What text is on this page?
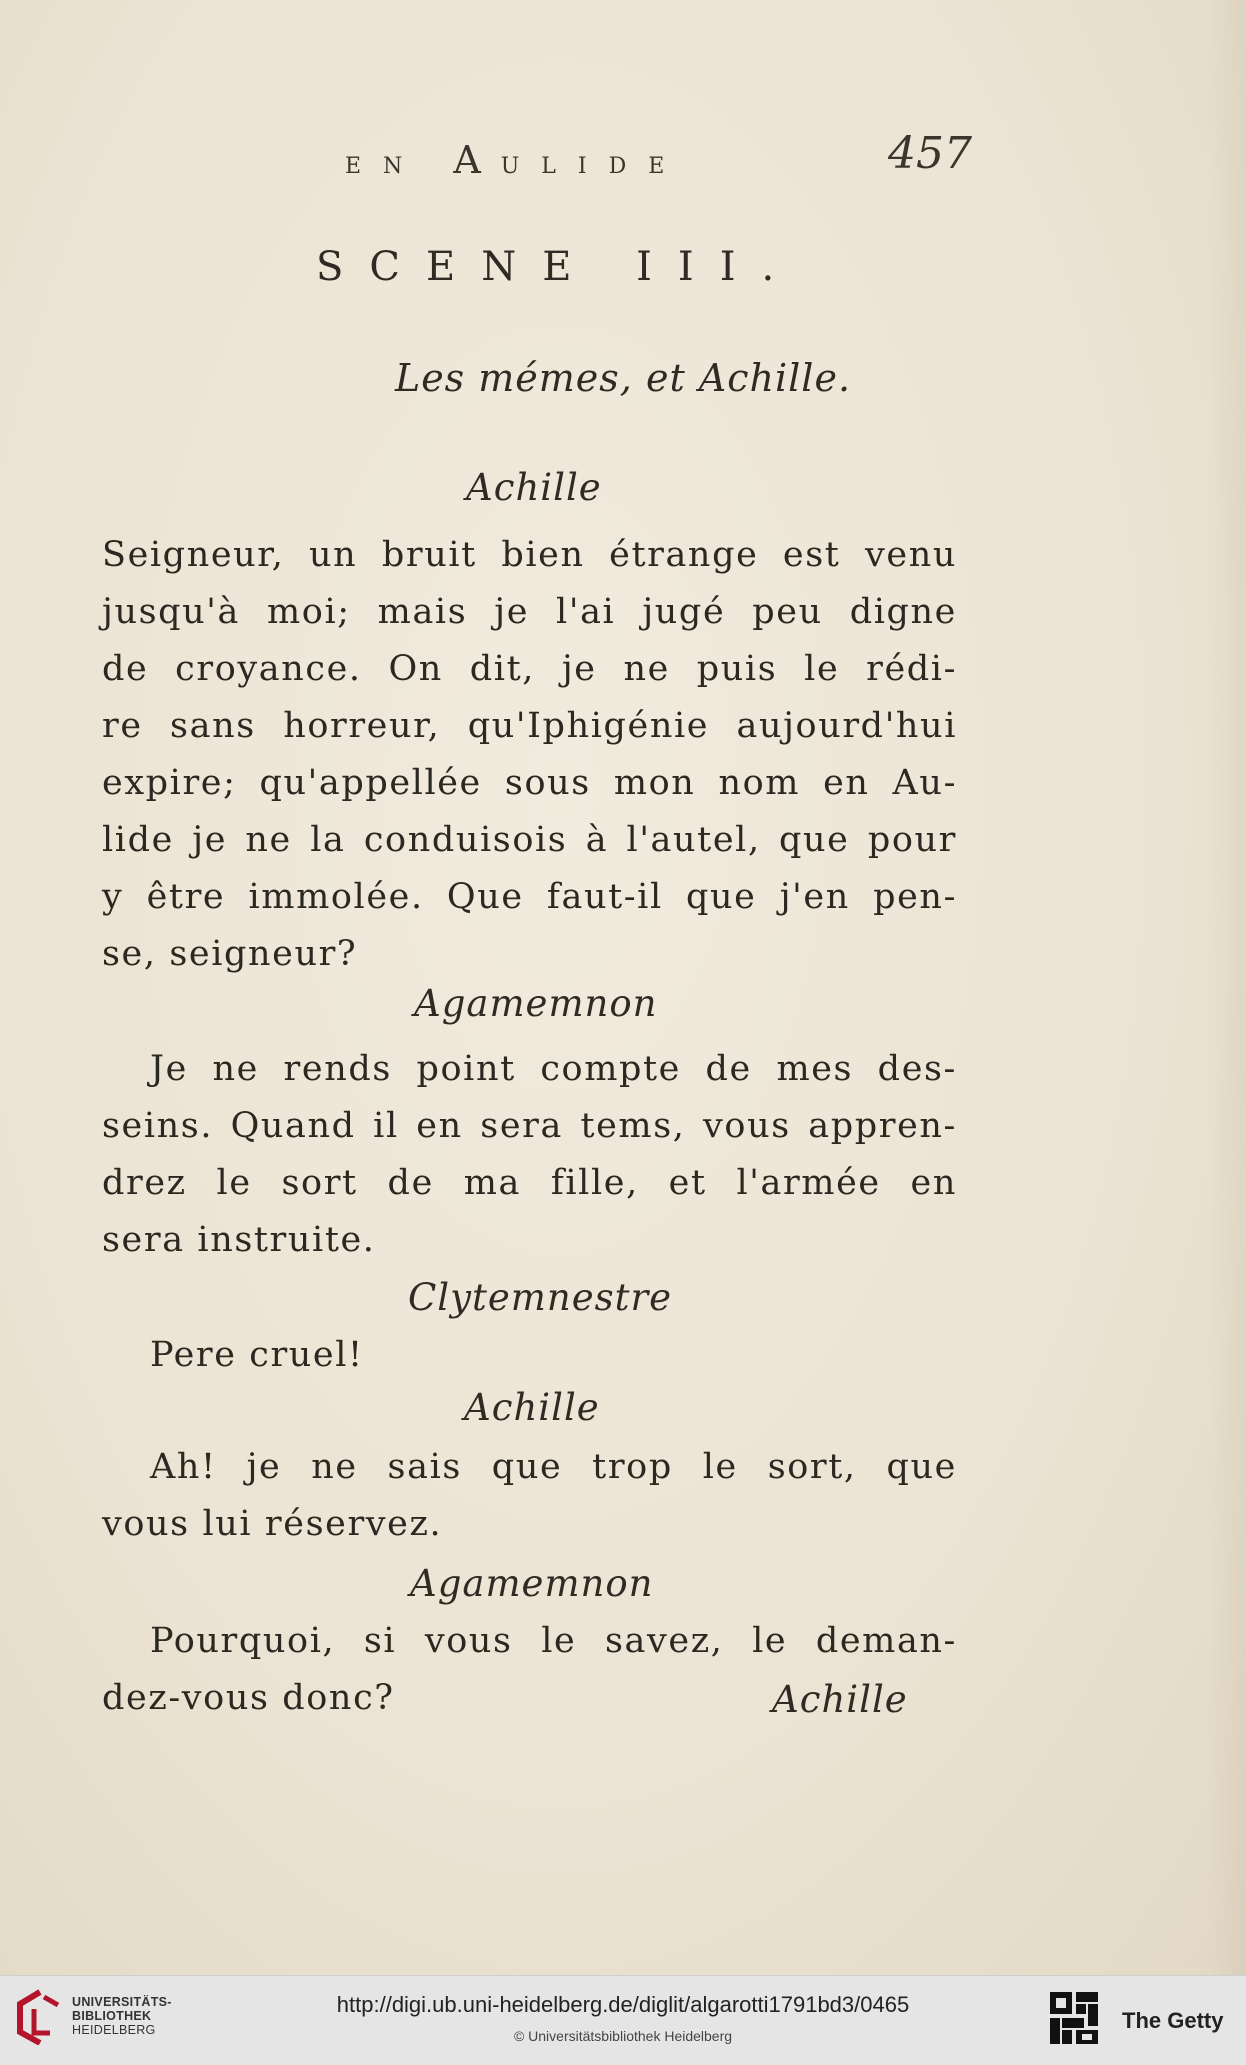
EN AULIDE	457
SCENE III.
Les mémes, et Achille.
Achille
Seigneur, un bruit bien étrange est venu
jusqu'à moi; mais je l'ai jugé peu digne
de croyance. On dit, je ne puis le rédi-
re sans horreur, qu'Iphigénie aujourd'hui
expire; qu'appellée sous mon nom en Au-
lide je ne la conduisois à l'autel, que pour
y être immolée. Que faut-il que j'en pen-
se, seigneur?
Agamemnon
Je ne rends point compte de mes des-
seins. Quand il en sera tems, vous appren-
drez le sort de ma fille, et l'armée en
sera instruite.
Clytemnestre
Pere cruel!
Achille
Ah! je ne sais que trop le sort, que
vous lui réservez.
Agamemnon
Pourquoi, si vous le savez, le deman-
dez-vous donc?	Achille
UNIVERSITÄTS-
BIBLIOTHEK
HEIDELBERG
http://digi.ub.uni-heidelberg.de/diglit/algarotti1791bd3/0465
© Universitätsbibliothek Heidelberg
The Getty
